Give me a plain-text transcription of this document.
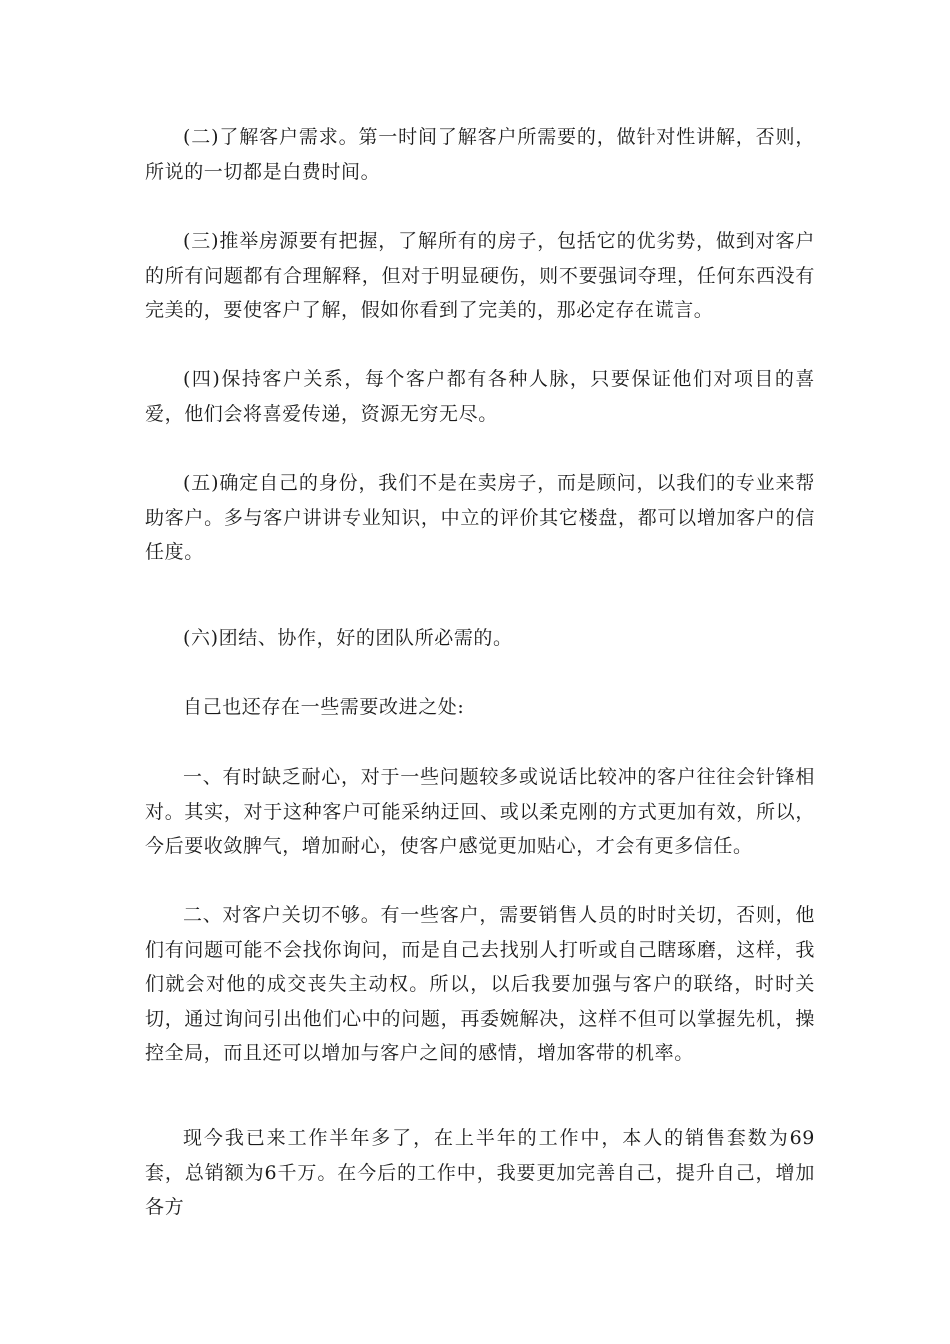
(二)了解客户需求。第一时间了解客户所需要的，做针对性讲解，否则，所说的一切都是白费时间。

(三)推举房源要有把握，了解所有的房子，包括它的优劣势，做到对客户的所有问题都有合理解释，但对于明显硬伤，则不要强词夺理，任何东西没有完美的，要使客户了解，假如你看到了完美的，那必定存在谎言。

(四)保持客户关系，每个客户都有各种人脉，只要保证他们对项目的喜爱，他们会将喜爱传递，资源无穷无尽。

(五)确定自己的身份，我们不是在卖房子，而是顾问，以我们的专业来帮助客户。多与客户讲讲专业知识，中立的评价其它楼盘，都可以增加客户的信任度。

(六)团结、协作，好的团队所必需的。

自己也还存在一些需要改进之处:

一、有时缺乏耐心，对于一些问题较多或说话比较冲的客户往往会针锋相对。其实，对于这种客户可能采纳迂回、或以柔克刚的方式更加有效，所以，今后要收敛脾气，增加耐心，使客户感觉更加贴心，才会有更多信任。

二、对客户关切不够。有一些客户，需要销售人员的时时关切，否则，他们有问题可能不会找你询问，而是自己去找别人打听或自己瞎琢磨，这样，我们就会对他的成交丧失主动权。所以，以后我要加强与客户的联络，时时关切，通过询问引出他们心中的问题，再委婉解决，这样不但可以掌握先机，操控全局，而且还可以增加与客户之间的感情，增加客带的机率。

现今我已来工作半年多了，在上半年的工作中，本人的销售套数为69套，总销额为6千万。在今后的工作中，我要更加完善自己，提升自己，增加各方
